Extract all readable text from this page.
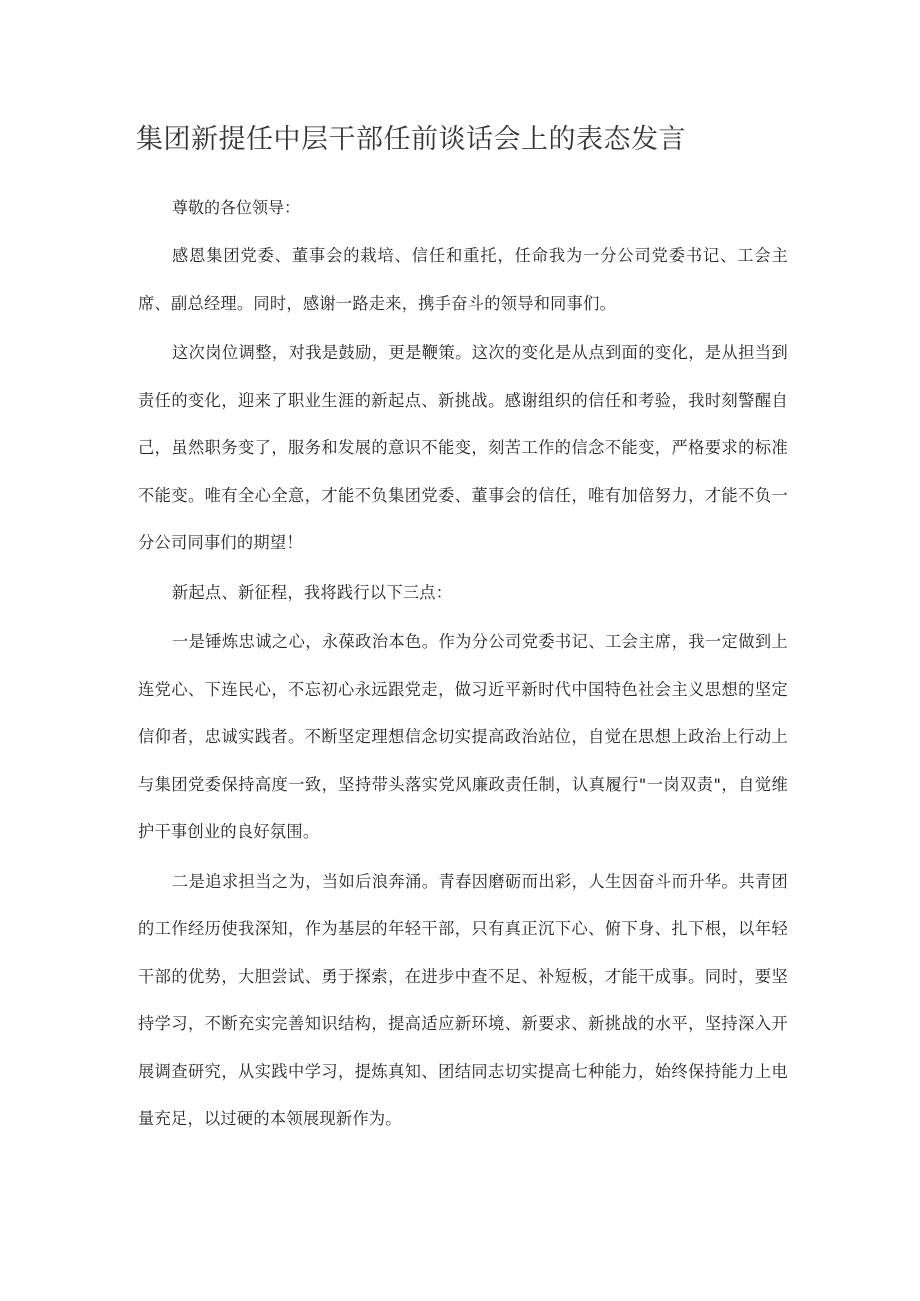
集团新提任中层干部任前谈话会上的表态发言

尊敬的各位领导：

感恩集团党委、董事会的栽培、信任和重托，任命我为一分公司党委书记、工会主席、副总经理。同时，感谢一路走来，携手奋斗的领导和同事们。

这次岗位调整，对我是鼓励，更是鞭策。这次的变化是从点到面的变化，是从担当到责任的变化，迎来了职业生涯的新起点、新挑战。感谢组织的信任和考验，我时刻警醒自己，虽然职务变了，服务和发展的意识不能变，刻苦工作的信念不能变，严格要求的标准不能变。唯有全心全意，才能不负集团党委、董事会的信任，唯有加倍努力，才能不负一分公司同事们的期望！

新起点、新征程，我将践行以下三点：

一是锤炼忠诚之心，永葆政治本色。作为分公司党委书记、工会主席，我一定做到上连党心、下连民心，不忘初心永远跟党走，做习近平新时代中国特色社会主义思想的坚定信仰者，忠诚实践者。不断坚定理想信念切实提高政治站位，自觉在思想上政治上行动上与集团党委保持高度一致，坚持带头落实党风廉政责任制，认真履行"一岗双责"，自觉维护干事创业的良好氛围。

二是追求担当之为，当如后浪奔涌。青春因磨砺而出彩，人生因奋斗而升华。共青团的工作经历使我深知，作为基层的年轻干部，只有真正沉下心、俯下身、扎下根，以年轻干部的优势，大胆尝试、勇于探索，在进步中查不足、补短板，才能干成事。同时，要坚持学习，不断充实完善知识结构，提高适应新环境、新要求、新挑战的水平，坚持深入开展调查研究，从实践中学习，提炼真知、团结同志切实提高七种能力，始终保持能力上电量充足，以过硬的本领展现新作为。
